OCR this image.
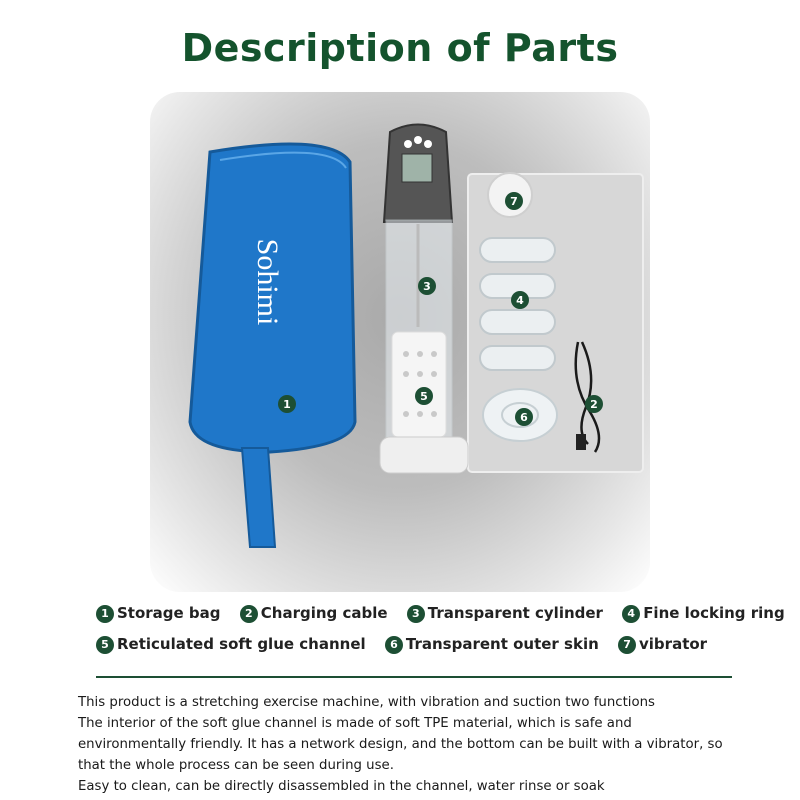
Description of Parts
Sohimi
1	2
3
4
5
6
7
1 Storage bag 2 Charging cable 3 Transparent cylinder 4 Fine locking ring
5 Reticulated soft glue channel 6 Transparent outer skin 7 vibrator

This product is a stretching exercise machine, with vibration and suction two functions

The interior of the soft glue channel is made of soft TPE material, which is safe and

environmentally friendly. It has a network design, and the bottom can be built with a vibrator, so

that the whole process can be seen during use.

Easy to clean, can be directly disassembled in the channel, water rinse or soak
